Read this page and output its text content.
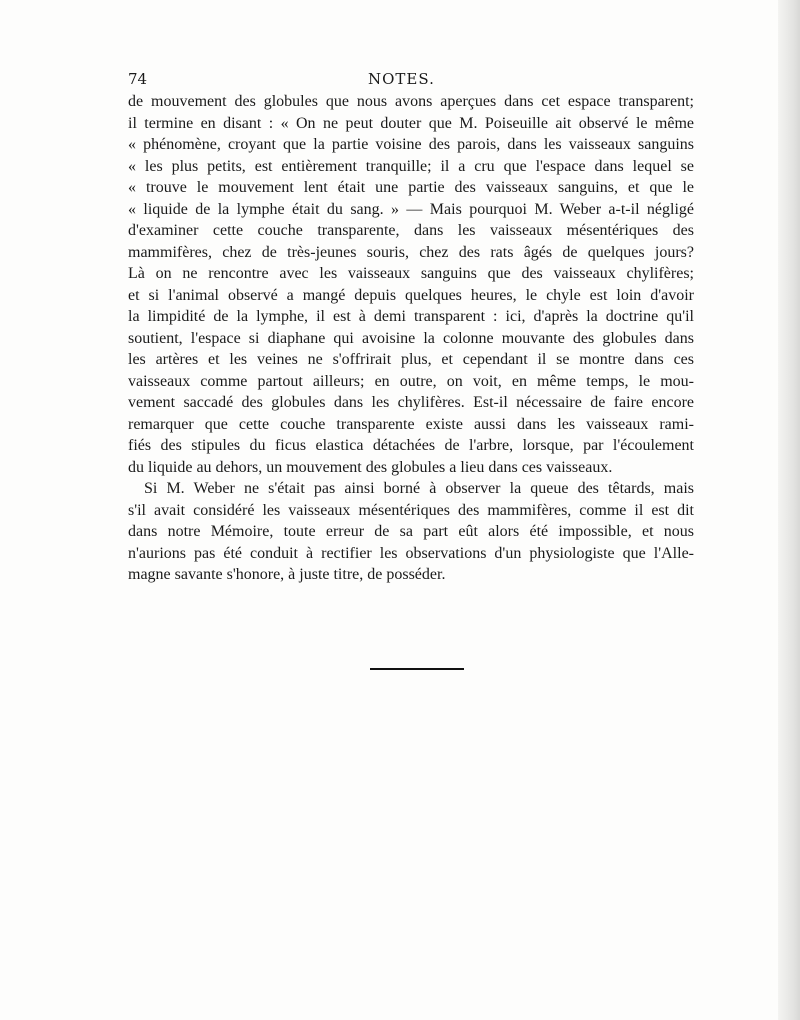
74	NOTES.
de mouvement des globules que nous avons aperçues dans cet espace transparent;
il termine en disant : « On ne peut douter que M. Poiseuille ait observé le même
« phénomène, croyant que la partie voisine des parois, dans les vaisseaux sanguins
« les plus petits, est entièrement tranquille; il a cru que l'espace dans lequel se
« trouve le mouvement lent était une partie des vaisseaux sanguins, et que le
« liquide de la lymphe était du sang. » — Mais pourquoi M. Weber a-t-il négligé
d'examiner cette couche transparente, dans les vaisseaux mésentériques des
mammifères, chez de très-jeunes souris, chez des rats âgés de quelques jours?
Là on ne rencontre avec les vaisseaux sanguins que des vaisseaux chylifères;
et si l'animal observé a mangé depuis quelques heures, le chyle est loin d'avoir
la limpidité de la lymphe, il est à demi transparent : ici, d'après la doctrine qu'il
soutient, l'espace si diaphane qui avoisine la colonne mouvante des globules dans
les artères et les veines ne s'offrirait plus, et cependant il se montre dans ces
vaisseaux comme partout ailleurs; en outre, on voit, en même temps, le mou-
vement saccadé des globules dans les chylifères. Est-il nécessaire de faire encore
remarquer que cette couche transparente existe aussi dans les vaisseaux rami-
fiés des stipules du ficus elastica détachées de l'arbre, lorsque, par l'écoulement
du liquide au dehors, un mouvement des globules a lieu dans ces vaisseaux.
Si M. Weber ne s'était pas ainsi borné à observer la queue des têtards, mais
s'il avait considéré les vaisseaux mésentériques des mammifères, comme il est dit
dans notre Mémoire, toute erreur de sa part eût alors été impossible, et nous
n'aurions pas été conduit à rectifier les observations d'un physiologiste que l'Alle-
magne savante s'honore, à juste titre, de posséder.
